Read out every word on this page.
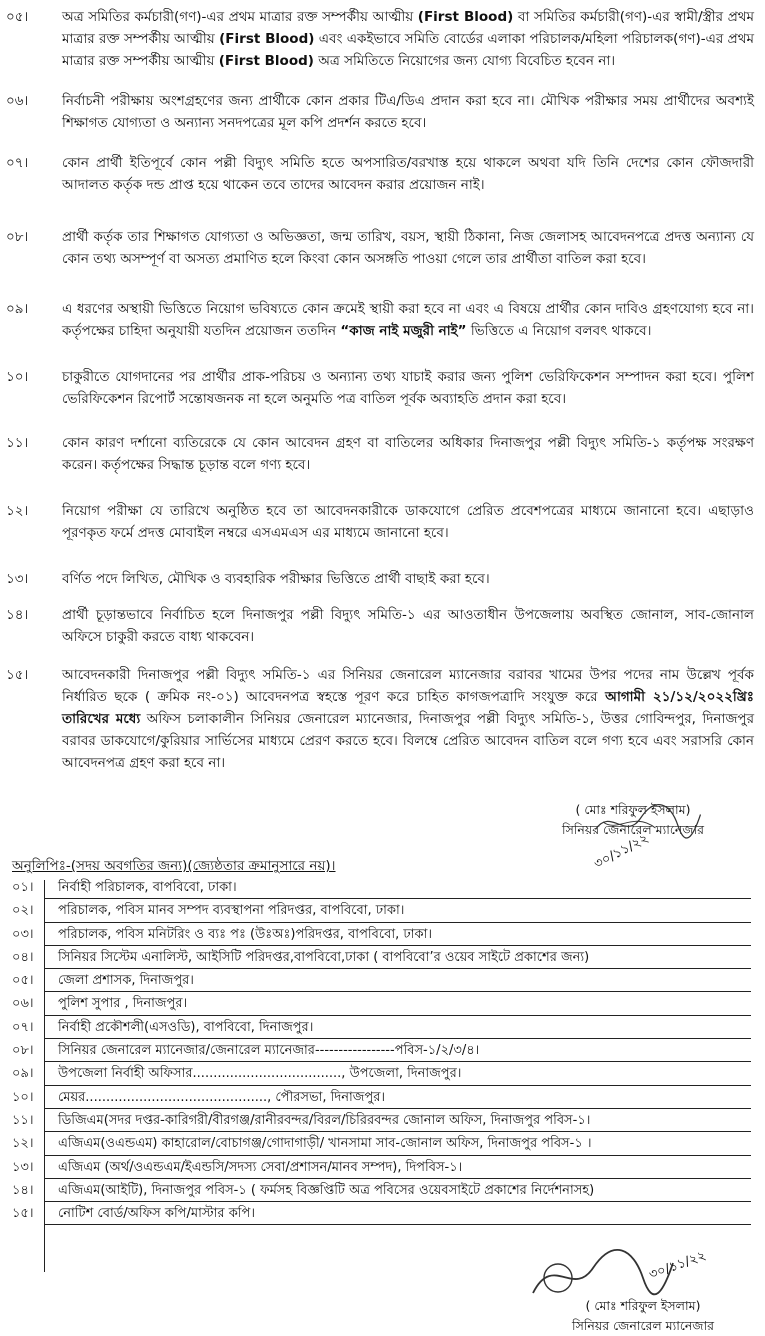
০৫।	অত্র সমিতির কর্মচারী(গণ)-এর প্রথম মাত্রার রক্ত সম্পর্কীয় আত্মীয় (First Blood) বা সমিতির কর্মচারী(গণ)-এর স্বামী/স্ত্রীর প্রথম মাত্রার রক্ত সম্পর্কীয় আত্মীয় (First Blood) এবং একইভাবে সমিতি বোর্ডের এলাকা পরিচালক/মহিলা পরিচালক(গণ)-এর প্রথম মাত্রার রক্ত সম্পর্কীয় আত্মীয় (First Blood) অত্র সমিতিতে নিয়োগের জন্য যোগ্য বিবেচিত হবেন না।
০৬।	নির্বাচনী পরীক্ষায় অংশগ্রহণের জন্য প্রার্থীকে কোন প্রকার টিএ/ডিএ প্রদান করা হবে না। মৌখিক পরীক্ষার সময় প্রার্থীদের অবশ্যই শিক্ষাগত যোগ্যতা ও অন্যান্য সনদপত্রের মূল কপি প্রদর্শন করতে হবে।
০৭।	কোন প্রার্থী ইতিপূর্বে কোন পল্লী বিদ্যুৎ সমিতি হতে অপসারিত/বরখাস্ত হয়ে থাকলে অথবা যদি তিনি দেশের কোন ফৌজদারী আদালত কর্তৃক দন্ড প্রাপ্ত হয়ে থাকেন তবে তাদের আবেদন করার প্রয়োজন নাই।
০৮।	প্রার্থী কর্তৃক তার শিক্ষাগত যোগ্যতা ও অভিজ্ঞতা, জন্ম তারিখ, বয়স, স্থায়ী ঠিকানা, নিজ জেলাসহ আবেদনপত্রে প্রদত্ত অন্যান্য যে কোন তথ্য অসম্পূর্ণ বা অসত্য প্রমাণিত হলে কিংবা কোন অসঙ্গতি পাওয়া গেলে তার প্রার্থীতা বাতিল করা হবে।
০৯।	এ ধরণের অস্থায়ী ভিত্তিতে নিয়োগ ভবিষ্যতে কোন ক্রমেই স্থায়ী করা হবে না এবং এ বিষয়ে প্রার্থীর কোন দাবিও গ্রহণযোগ্য হবে না। কর্তৃপক্ষের চাহিদা অনুযায়ী যতদিন প্রয়োজন ততদিন “কাজ নাই মজুরী নাই” ভিত্তিতে এ নিয়োগ বলবৎ থাকবে।
১০।	চাকুরীতে যোগদানের পর প্রার্থীর প্রাক-পরিচয় ও অন্যান্য তথ্য যাচাই করার জন্য পুলিশ ভেরিফিকেশন সম্পাদন করা হবে। পুলিশ ভেরিফিকেশন রিপোর্ট সন্তোষজনক না হলে অনুমতি পত্র বাতিল পূর্বক অব্যাহতি প্রদান করা হবে।
১১।	কোন কারণ দর্শানো ব্যতিরেকে যে কোন আবেদন গ্রহণ বা বাতিলের অধিকার দিনাজপুর পল্লী বিদ্যুৎ সমিতি-১ কর্তৃপক্ষ সংরক্ষণ করেন। কর্তৃপক্ষের সিদ্ধান্ত চূড়ান্ত বলে গণ্য হবে।
১২।	নিয়োগ পরীক্ষা যে তারিখে অনুষ্ঠিত হবে তা আবেদনকারীকে ডাকযোগে প্রেরিত প্রবেশপত্রের মাধ্যমে জানানো হবে। এছাড়াও পূরণকৃত ফর্মে প্রদত্ত মোবাইল নম্বরে এসএমএস এর মাধ্যমে জানানো হবে।
১৩।	বর্ণিত পদে লিখিত, মৌখিক ও ব্যবহারিক পরীক্ষার ভিত্তিতে প্রার্থী বাছাই করা হবে।
১৪।	প্রার্থী চূড়ান্তভাবে নির্বাচিত হলে দিনাজপুর পল্লী বিদ্যুৎ সমিতি-১ এর আওতাধীন উপজেলায় অবস্থিত জোনাল, সাব-জোনাল অফিসে চাকুরী করতে বাধ্য থাকবেন।
১৫।	আবেদনকারী দিনাজপুর পল্লী বিদ্যুৎ সমিতি-১ এর সিনিয়র জেনারেল ম্যানেজার বরাবর খামের উপর পদের নাম উল্লেখ পূর্বক নির্ধারিত ছকে ( ক্রমিক নং-০১) আবেদনপত্র স্বহস্তে পূরণ করে চাহিত কাগজপত্রাদি সংযুক্ত করে আগামী ২১/১২/২০২২খ্রিঃ তারিখের মধ্যে অফিস চলাকালীন সিনিয়র জেনারেল ম্যানেজার, দিনাজপুর পল্লী বিদ্যুৎ সমিতি-১, উত্তর গোবিন্দপুর, দিনাজপুর বরাবর ডাকযোগে/কুরিয়ার সার্ভিসের মাধ্যমে প্রেরণ করতে হবে। বিলম্বে প্রেরিত আবেদন বাতিল বলে গণ্য হবে এবং সরাসরি কোন আবেদনপত্র গ্রহণ করা হবে না।
( মোঃ শরিফুল ইসলাম)
সিনিয়র জেনারেল ম্যানেজার
৩০/১১/২২
অনুলিপিঃ-(সদয় অবগতির জন্য)(জ্যেষ্ঠতার ক্রমানুসারে নয়)।
০১। নির্বাহী পরিচালক, বাপবিবো, ঢাকা।
০২। পরিচালক, পবিস মানব সম্পদ ব্যবস্থাপনা পরিদপ্তর, বাপবিবো, ঢাকা।
০৩। পরিচালক, পবিস মনিটরিং ও ব্যঃ পঃ (উঃঅঃ)পরিদপ্তর, বাপবিবো, ঢাকা।
০৪। সিনিয়র সিস্টেম এনালিস্ট, আইসিটি পরিদপ্তর,বাপবিবো,ঢাকা ( বাপবিবো’র ওয়েব সাইটে প্রকাশের জন্য)
০৫। জেলা প্রশাসক, দিনাজপুর।
০৬। পুলিশ সুপার , দিনাজপুর।
০৭। নির্বাহী প্রকৌশলী(এসওডি), বাপবিবো, দিনাজপুর।
০৮। সিনিয়র জেনারেল ম্যানেজার/জেনারেল ম্যানেজার-----------------পবিস-১/২/৩/৪।
০৯। উপজেলা নির্বাহী অফিসার...................................., উপজেলা, দিনাজপুর।
১০। মেয়র............................................, পৌরসভা, দিনাজপুর।
১১। ডিজিএম(সদর দপ্তর-কারিগরী/বীরগঞ্জ/রানীরবন্দর/বিরল/চিরিরবন্দর জোনাল অফিস, দিনাজপুর পবিস-১।
১২। এজিএম(ওএন্ডএম) কাহারোল/বোচাগঞ্জ/গোদাগাড়ী/ খানসামা সাব-জোনাল অফিস, দিনাজপুর পবিস-১ ।
১৩। এজিএম (অর্থ/ওএন্ডএম/ইএন্ডসি/সদস্য সেবা/প্রশাসন/মানব সম্পদ), দিপবিস-১।
১৪। এজিএম(আইটি), দিনাজপুর পবিস-১ ( ফর্মসহ বিজ্ঞপ্তিটি অত্র পবিসের ওয়েবসাইটে প্রকাশের নির্দেশনাসহ)
১৫। নোটিশ বোর্ড/অফিস কপি/মাস্টার কপি।
৩০/১১/২২
( মোঃ শরিফুল ইসলাম)
সিনিয়র জেনারেল ম্যানেজার
